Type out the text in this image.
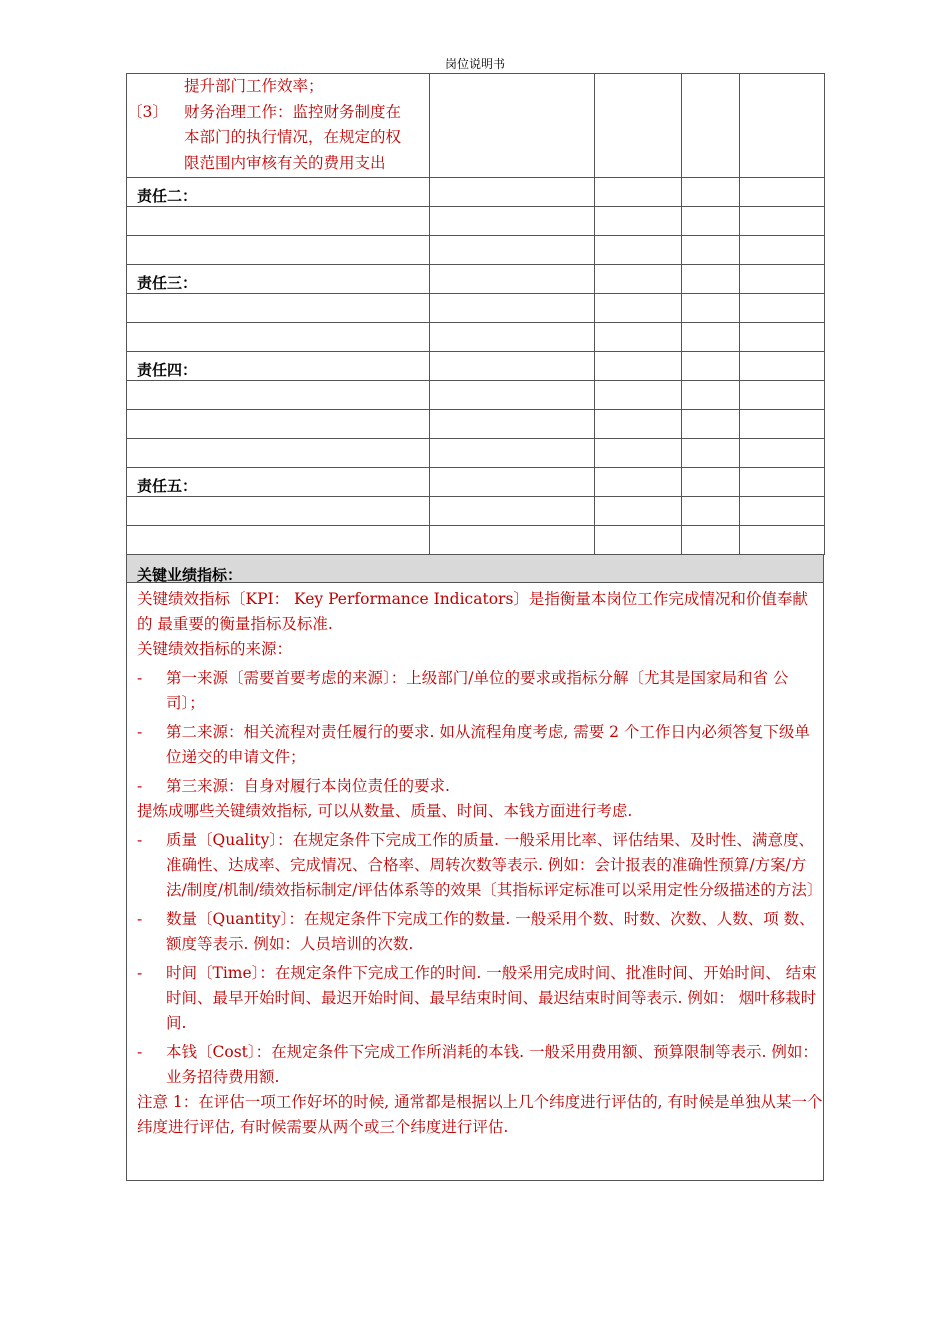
岗位说明书
提升部门工作效率；
〔3〕 财务治理工作：监控财务制度在
本部门的执行情况，在规定的权
限范围内审核有关的费用支出				

责任二：				

责任三：				

责任四：				

责任五：				

关键业绩指标：

关键绩效指标〔KPI： Key Performance Indicators〕是指衡量本岗位工作完成情况和价值奉献的 最重要的衡量指标及标准.

关键绩效指标的来源：

-	第一来源〔需要首要考虑的来源〕：上级部门/单位的要求或指标分解〔尤其是国家局和省 公司〕；
-	第二来源：相关流程对责任履行的要求. 如从流程角度考虑, 需要 2 个工作日内必须答复下级单位递交的申请文件；
-	第三来源：自身对履行本岗位责任的要求.

提炼成哪些关键绩效指标, 可以从数量、质量、时间、本钱方面进行考虑.

-	质量〔Quality〕：在规定条件下完成工作的质量. 一般采用比率、评估结果、及时性、满意度、准确性、达成率、完成情况、合格率、周转次数等表示. 例如：会计报表的准确性预算/方案/方法/制度/机制/绩效指标制定/评估体系等的效果〔其指标评定标准可以采用定性分级描述的方法〕
-	数量〔Quantity〕：在规定条件下完成工作的数量. 一般采用个数、时数、次数、人数、项 数、额度等表示. 例如：人员培训的次数.
-	时间〔Time〕：在规定条件下完成工作的时间. 一般采用完成时间、批准时间、开始时间、 结束时间、最早开始时间、最迟开始时间、最早结束时间、最迟结束时间等表示. 例如： 烟叶移栽时间.
-	本钱〔Cost〕：在规定条件下完成工作所消耗的本钱. 一般采用费用额、预算限制等表示. 例如：业务招待费用额.

注意 1：在评估一项工作好坏的时候, 通常都是根据以上几个纬度进行评估的, 有时候是单独从某一个纬度进行评估, 有时候需要从两个或三个纬度进行评估.
